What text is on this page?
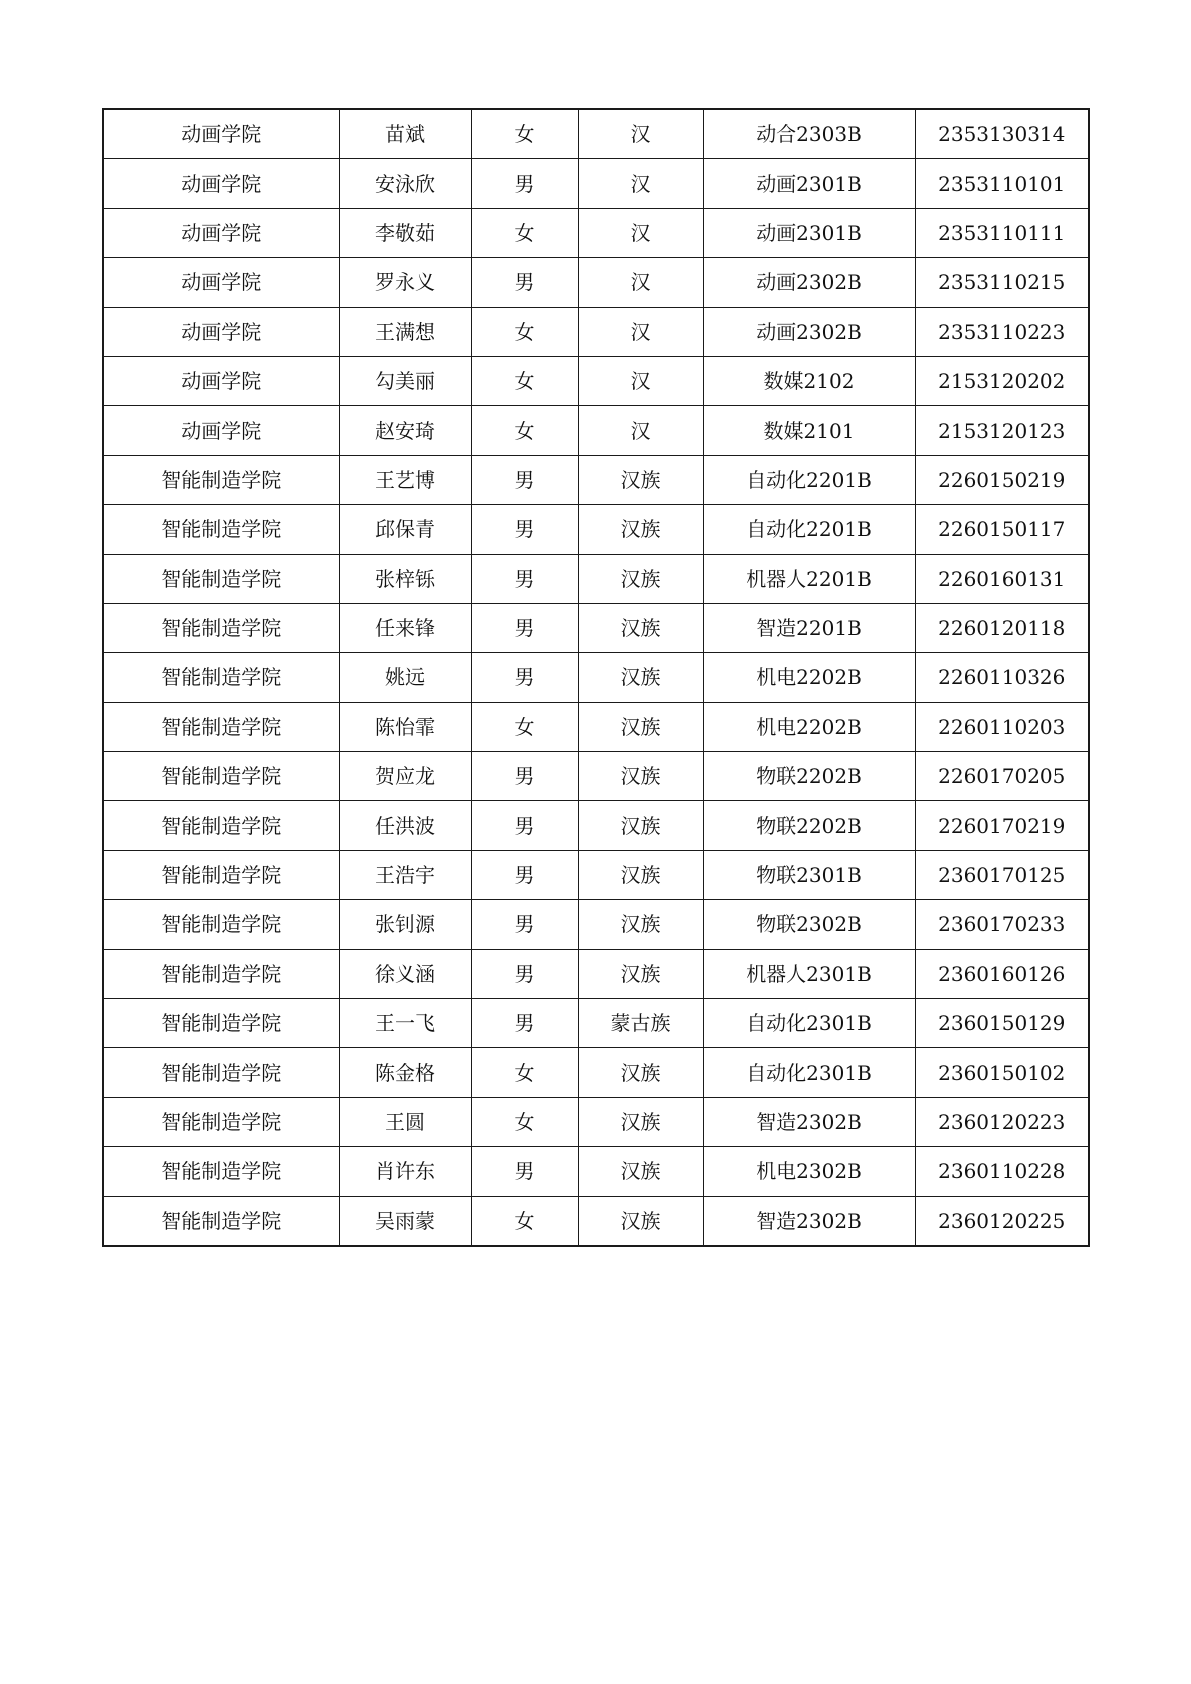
动画学院	苗斌	女	汉	动合2303B	2353130314
动画学院	安泳欣	男	汉	动画2301B	2353110101
动画学院	李敬茹	女	汉	动画2301B	2353110111
动画学院	罗永义	男	汉	动画2302B	2353110215
动画学院	王满想	女	汉	动画2302B	2353110223
动画学院	勾美丽	女	汉	数媒2102	2153120202
动画学院	赵安琦	女	汉	数媒2101	2153120123
智能制造学院	王艺博	男	汉族	自动化2201B	2260150219
智能制造学院	邱保青	男	汉族	自动化2201B	2260150117
智能制造学院	张梓铄	男	汉族	机器人2201B	2260160131
智能制造学院	任来锋	男	汉族	智造2201B	2260120118
智能制造学院	姚远	男	汉族	机电2202B	2260110326
智能制造学院	陈怡霏	女	汉族	机电2202B	2260110203
智能制造学院	贺应龙	男	汉族	物联2202B	2260170205
智能制造学院	任洪波	男	汉族	物联2202B	2260170219
智能制造学院	王浩宇	男	汉族	物联2301B	2360170125
智能制造学院	张钊源	男	汉族	物联2302B	2360170233
智能制造学院	徐义涵	男	汉族	机器人2301B	2360160126
智能制造学院	王一飞	男	蒙古族	自动化2301B	2360150129
智能制造学院	陈金格	女	汉族	自动化2301B	2360150102
智能制造学院	王圆	女	汉族	智造2302B	2360120223
智能制造学院	肖许东	男	汉族	机电2302B	2360110228
智能制造学院	吴雨蒙	女	汉族	智造2302B	2360120225
